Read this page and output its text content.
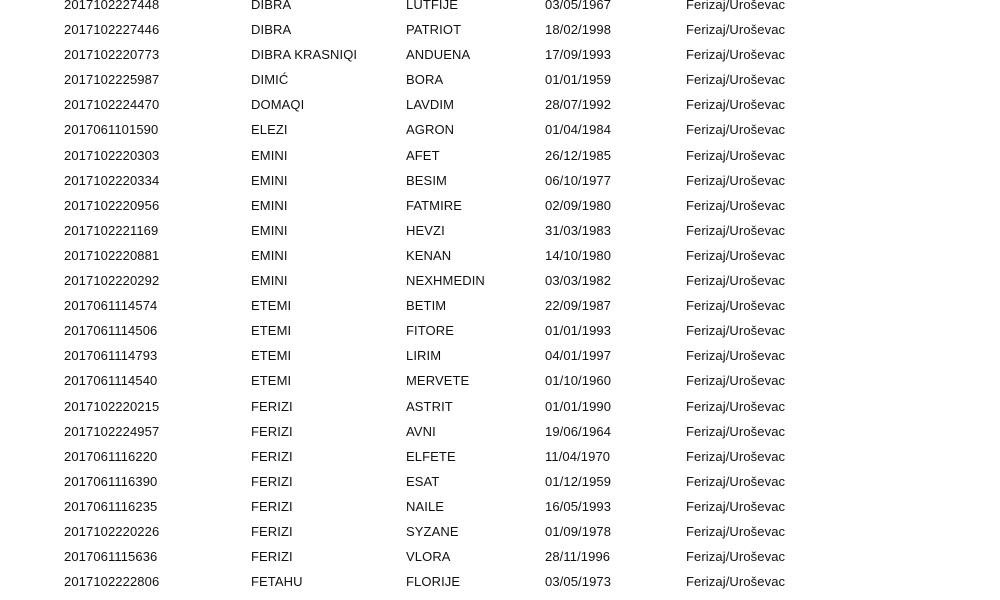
2017102227448	DIBRA	LUTFIJE	03/05/1967	Ferizaj/Uroševac
2017102227446	DIBRA	PATRIOT	18/02/1998	Ferizaj/Uroševac
2017102220773	DIBRA KRASNIQI	ANDUENA	17/09/1993	Ferizaj/Uroševac
2017102225987	DIMIĆ	BORA	01/01/1959	Ferizaj/Uroševac
2017102224470	DOMAQI	LAVDIM	28/07/1992	Ferizaj/Uroševac
2017061101590	ELEZI	AGRON	01/04/1984	Ferizaj/Uroševac
2017102220303	EMINI	AFET	26/12/1985	Ferizaj/Uroševac
2017102220334	EMINI	BESIM	06/10/1977	Ferizaj/Uroševac
2017102220956	EMINI	FATMIRE	02/09/1980	Ferizaj/Uroševac
2017102221169	EMINI	HEVZI	31/03/1983	Ferizaj/Uroševac
2017102220881	EMINI	KENAN	14/10/1980	Ferizaj/Uroševac
2017102220292	EMINI	NEXHMEDIN	03/03/1982	Ferizaj/Uroševac
2017061114574	ETEMI	BETIM	22/09/1987	Ferizaj/Uroševac
2017061114506	ETEMI	FITORE	01/01/1993	Ferizaj/Uroševac
2017061114793	ETEMI	LIRIM	04/01/1997	Ferizaj/Uroševac
2017061114540	ETEMI	MERVETE	01/10/1960	Ferizaj/Uroševac
2017102220215	FERIZI	ASTRIT	01/01/1990	Ferizaj/Uroševac
2017102224957	FERIZI	AVNI	19/06/1964	Ferizaj/Uroševac
2017061116220	FERIZI	ELFETE	11/04/1970	Ferizaj/Uroševac
2017061116390	FERIZI	ESAT	01/12/1959	Ferizaj/Uroševac
2017061116235	FERIZI	NAILE	16/05/1993	Ferizaj/Uroševac
2017102220226	FERIZI	SYZANE	01/09/1978	Ferizaj/Uroševac
2017061115636	FERIZI	VLORA	28/11/1996	Ferizaj/Uroševac
2017102222806	FETAHU	FLORIJE	03/05/1973	Ferizaj/Uroševac
